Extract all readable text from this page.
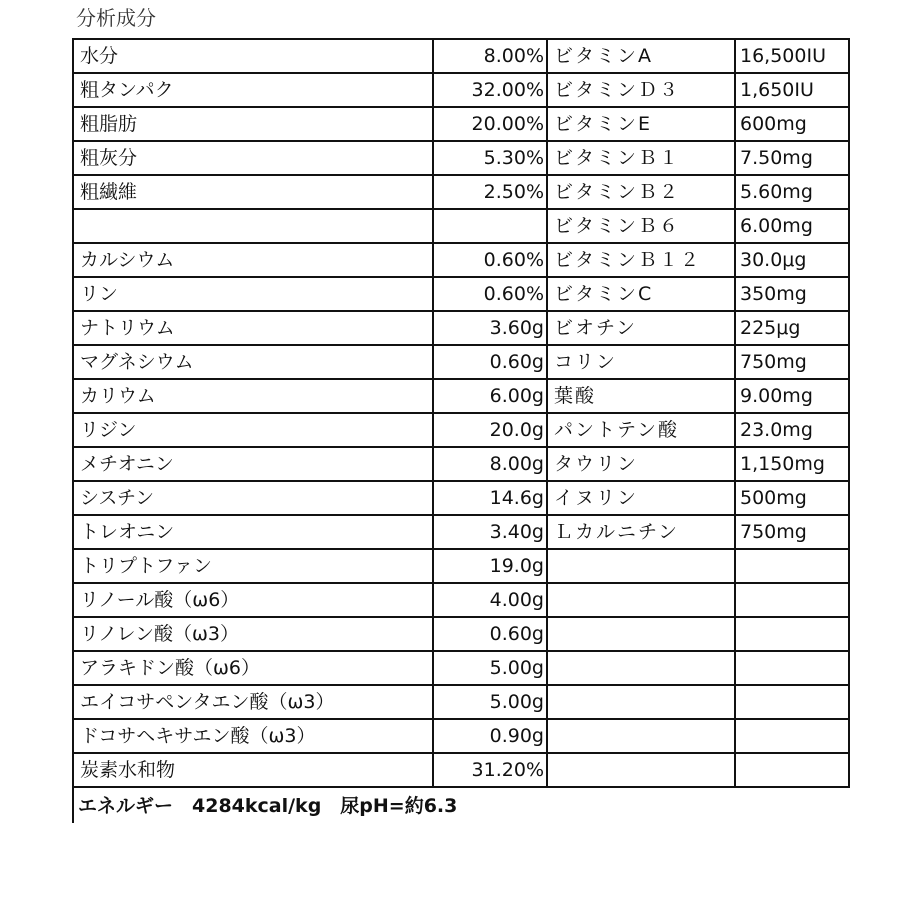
分析成分
水分	8.00%	ビタミンA	16,500IU
粗タンパク	32.00%	ビタミンＤ３	1,650IU
粗脂肪	20.00%	ビタミンE	600mg
粗灰分	5.30%	ビタミンＢ１	7.50mg
粗繊維	2.50%	ビタミンＢ２	5.60mg
		ビタミンＢ６	6.00mg
カルシウム	0.60%	ビタミンＢ１２	30.0μg
リン	0.60%	ビタミンC	350mg
ナトリウム	3.60g	ビオチン	225μg
マグネシウム	0.60g	コリン	750mg
カリウム	6.00g	葉酸	9.00mg
リジン	20.0g	パントテン酸	23.0mg
メチオニン	8.00g	タウリン	1,150mg
シスチン	14.6g	イヌリン	500mg
トレオニン	3.40g	Ｌカルニチン	750mg
トリプトファン	19.0g		
リノール酸（ω6）	4.00g		
リノレン酸（ω3）	0.60g		
アラキドン酸（ω6）	5.00g		
エイコサペンタエン酸（ω3）	5.00g		
ドコサヘキサエン酸（ω3）	0.90g		
炭素水和物	31.20%		
エネルギー　4284kcal/kg　尿pH=約6.3			
